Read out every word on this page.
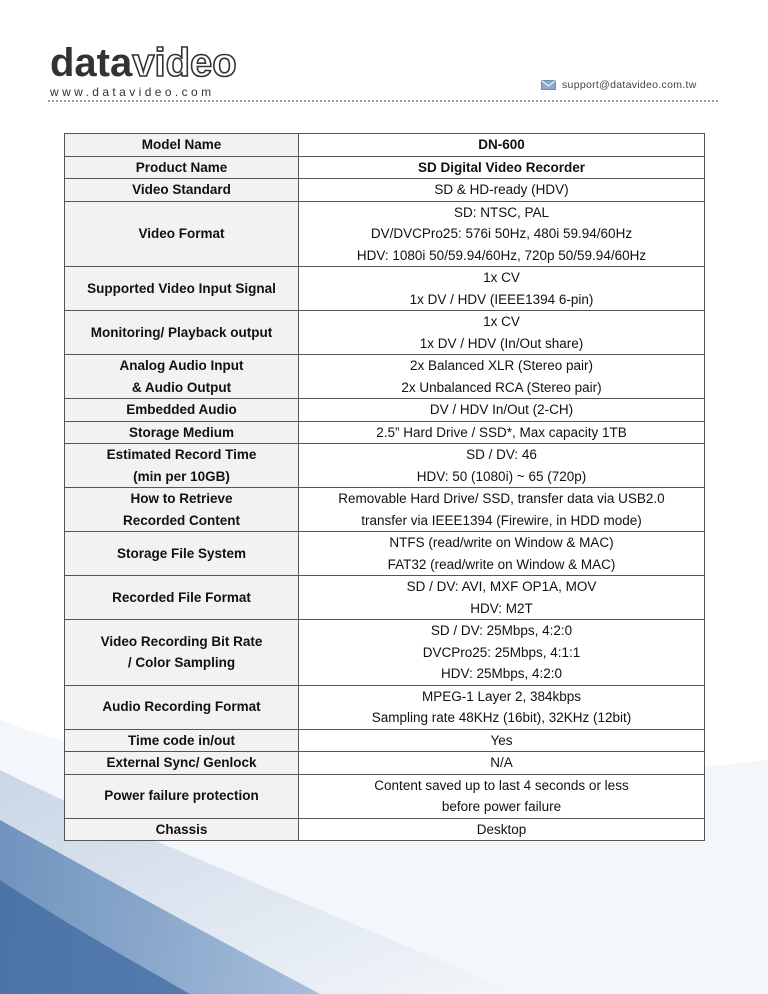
datavideo
www.datavideo.com	support@datavideo.com.tw
Model Name	DN-600

Product Name	SD Digital Video Recorder

Video Standard	SD & HD-ready (HDV)

Video Format	SD: NTSC, PAL
DV/DVCPro25: 576i 50Hz, 480i 59.94/60Hz
HDV: 1080i 50/59.94/60Hz, 720p 50/59.94/60Hz

Supported Video Input Signal	1x CV
1x DV / HDV (IEEE1394 6-pin)

Monitoring/ Playback output	1x CV
1x DV / HDV (In/Out share)

Analog Audio Input
& Audio Output	2x Balanced XLR (Stereo pair)
2x Unbalanced RCA (Stereo pair)

Embedded Audio	DV / HDV In/Out (2-CH)

Storage Medium	2.5” Hard Drive / SSD*, Max capacity 1TB

Estimated Record Time
(min per 10GB)	SD / DV: 46
HDV: 50 (1080i) ~ 65 (720p)

How to Retrieve
Recorded Content	Removable Hard Drive/ SSD, transfer data via USB2.0
transfer via IEEE1394 (Firewire, in HDD mode)

Storage File System	NTFS (read/write on Window & MAC)
FAT32 (read/write on Window & MAC)

Recorded File Format	SD / DV: AVI, MXF OP1A, MOV
HDV: M2T

Video Recording Bit Rate
/ Color Sampling	SD / DV: 25Mbps, 4:2:0
DVCPro25: 25Mbps, 4:1:1
HDV: 25Mbps, 4:2:0

Audio Recording Format	MPEG-1 Layer 2, 384kbps
Sampling rate 48KHz (16bit), 32KHz (12bit)

Time code in/out	Yes

External Sync/ Genlock	N/A

Power failure protection	Content saved up to last 4 seconds or less
before power failure

Chassis	Desktop
